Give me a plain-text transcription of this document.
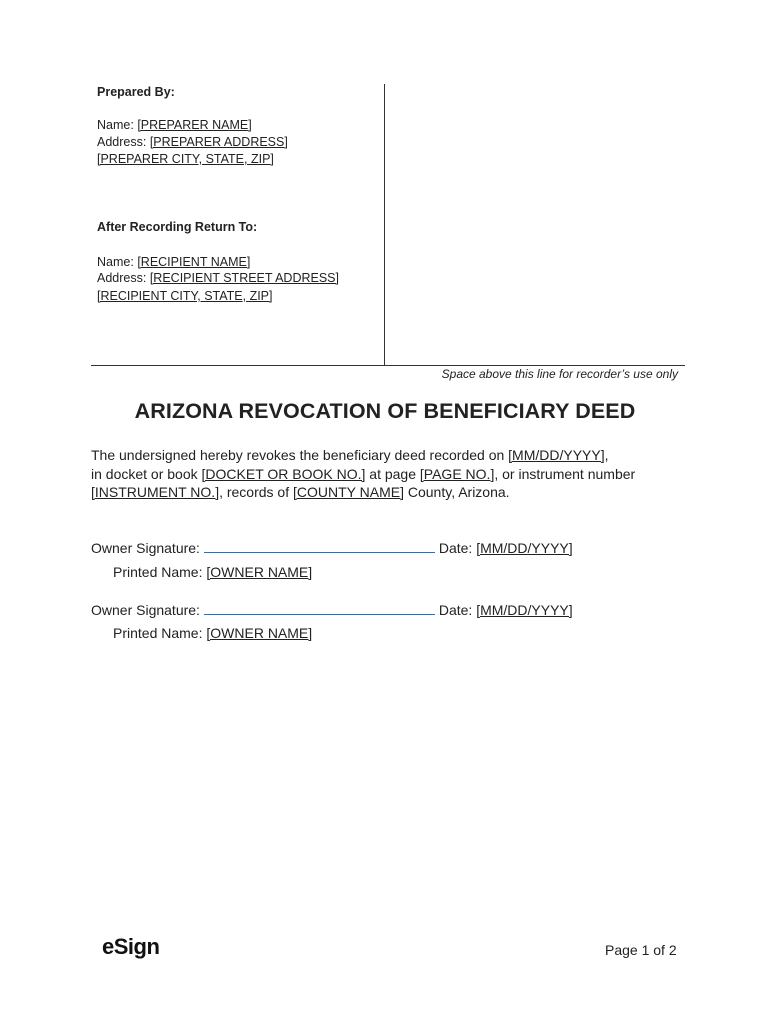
Prepared By:
Name: [PREPARER NAME]
Address: [PREPARER ADDRESS]
[PREPARER CITY, STATE, ZIP]
After Recording Return To:
Name: [RECIPIENT NAME]
Address: [RECIPIENT STREET ADDRESS]
[RECIPIENT CITY, STATE, ZIP]
Space above this line for recorder’s use only
ARIZONA REVOCATION OF BENEFICIARY DEED
The undersigned hereby revokes the beneficiary deed recorded on [MM/DD/YYYY],
in docket or book [DOCKET OR BOOK NO.] at page [PAGE NO.], or instrument number
[INSTRUMENT NO.], records of [COUNTY NAME] County, Arizona.
Owner Signature:	Date: [MM/DD/YYYY]
Printed Name: [OWNER NAME]
Owner Signature:	Date: [MM/DD/YYYY]
Printed Name: [OWNER NAME]
eSign	Page 1 of 2
